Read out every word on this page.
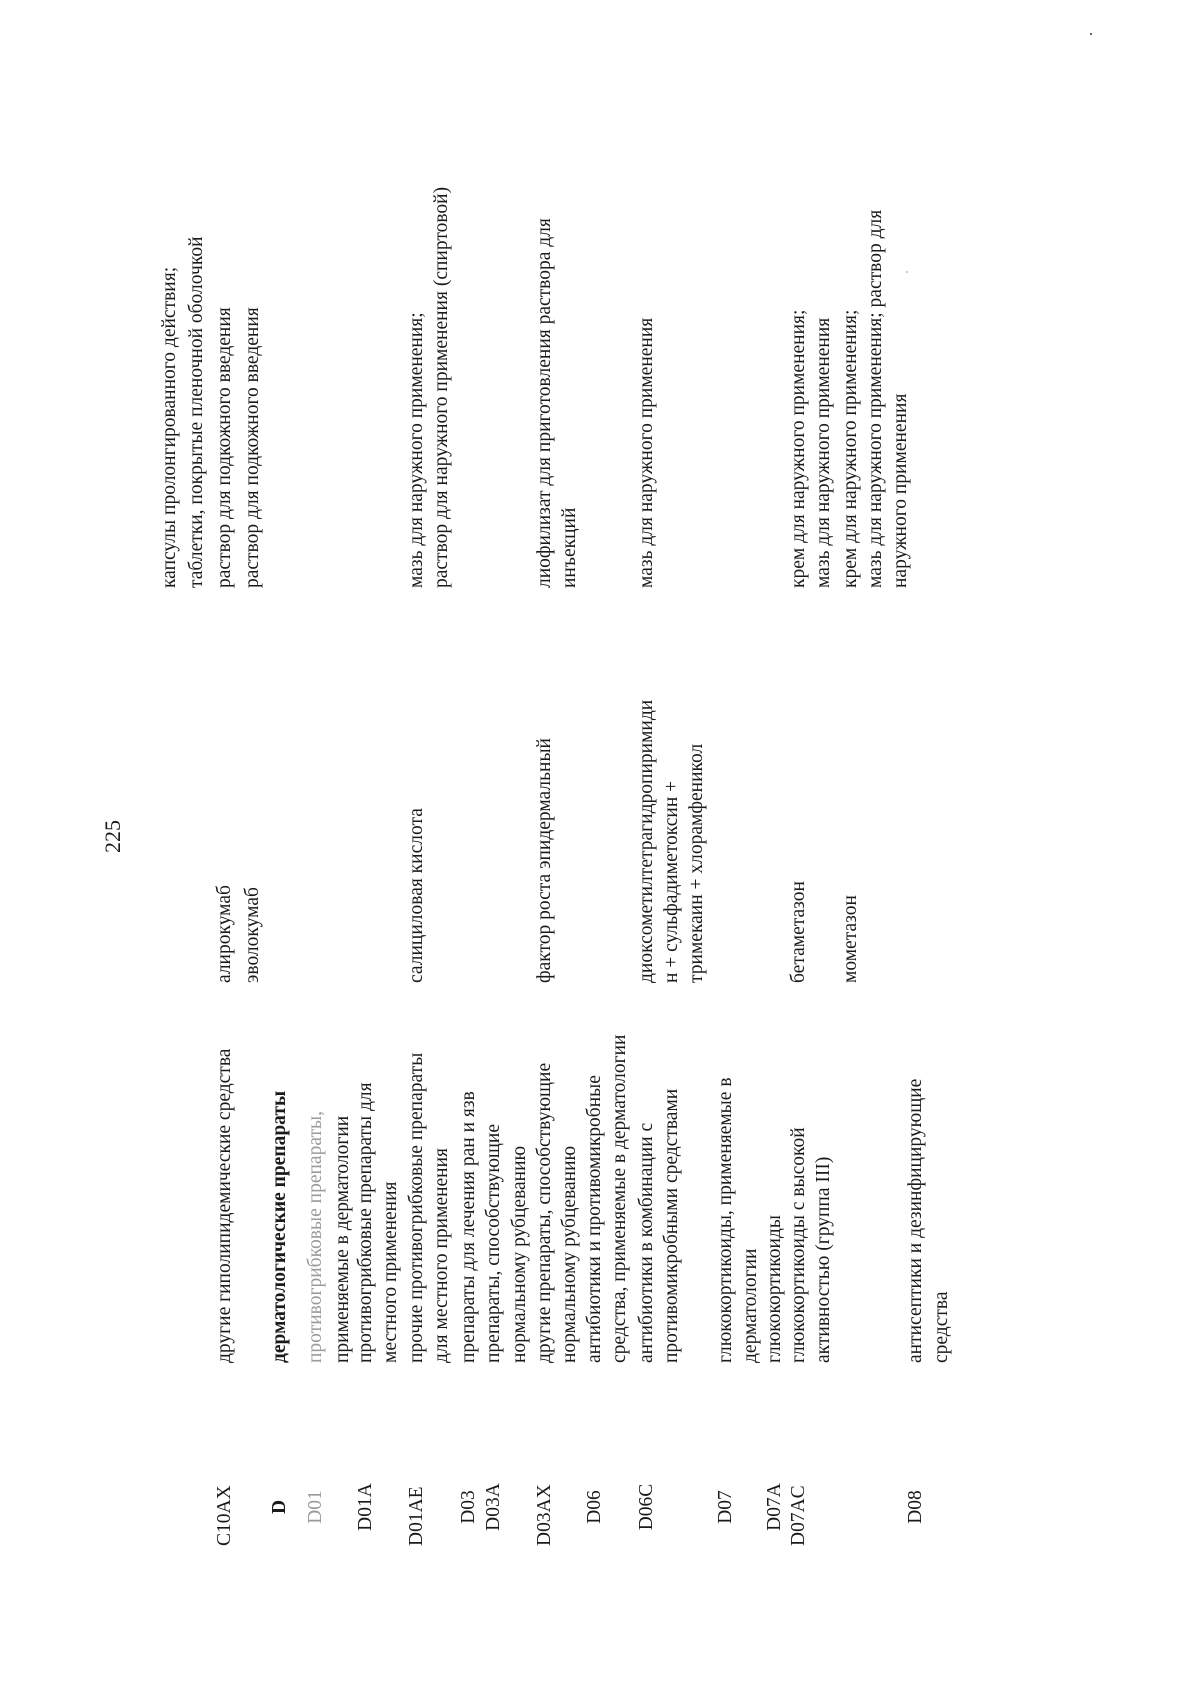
225
C10AX
другие гиполипидемические средства
алирокумаб эволокумаб
капсулы пролонгированного действия; таблетки, покрытые пленочной оболочкой раствор для подкожного введения раствор для подкожного введения
D
дерматологические препараты
D01
противогрибковые препараты, применяемые в дерматологии
D01A
противогрибковые препараты для местного применения
D01AE
прочие противогрибковые препараты для местного применения
салициловая кислота
мазь для наружного применения; раствор для наружного применения (спиртовой)
D03
препараты для лечения ран и язв
D03A
препараты, способствующие нормальному рубцеванию
D03AX
другие препараты, способствующие нормальному рубцеванию
фактор роста эпидермальный
лиофилизат для приготовления раствора для инъекций
D06
антибиотики и противомикробные средства, применяемые в дерматологии
D06C
антибиотики в комбинации с противомикробными средствами
диоксометилтетрагидропиримиди н + сульфадиметоксин + тримекаин + хлорамфеникол
мазь для наружного применения
D07
глюкокортикоиды, применяемые в дерматологии
D07A
глюкокортикоиды
D07AC
глюкокортикоиды с высокой активностью (группа III)
бетаметазон мометазон
крем для наружного применения; мазь для наружного применения крем для наружного применения; мазь для наружного применения; раствор для наружного применения
D08
антисептики и дезинфицирующие средства
